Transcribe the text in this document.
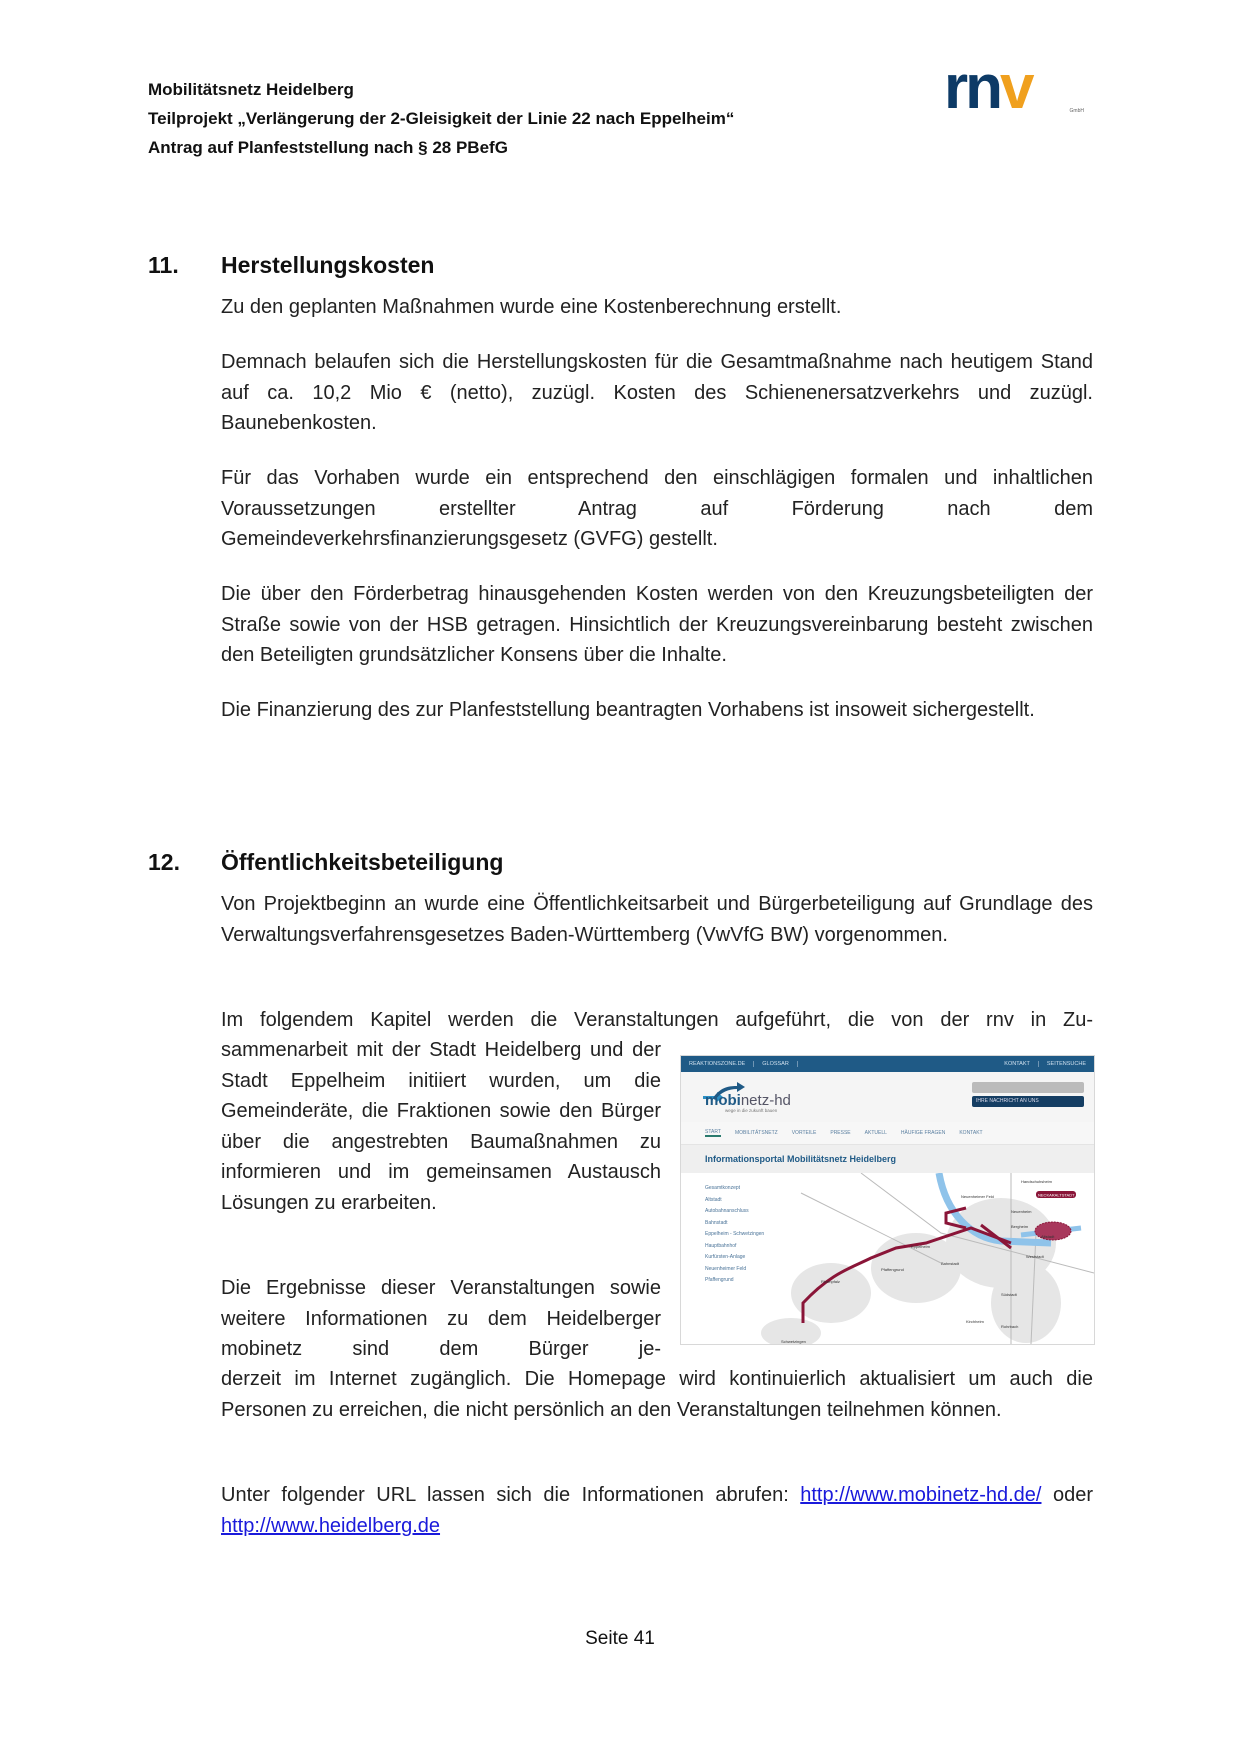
Mobilitätsnetz Heidelberg
Teilprojekt „Verlängerung der 2-Gleisigkeit der Linie 22 nach Eppelheim“
Antrag auf Planfeststellung nach § 28 PBefG
rnv	GmbH
11. Herstellungskosten
Zu den geplanten Maßnahmen wurde eine Kostenberechnung erstellt.
Demnach belaufen sich die Herstellungskosten für die Gesamtmaßnahme nach heutigem Stand auf ca. 10,2 Mio € (netto), zuzügl. Kosten des Schienenersatzverkehrs und zuzügl. Baunebenkosten.
Für das Vorhaben wurde ein entsprechend den einschlägigen formalen und inhaltlichen Voraussetzungen erstellter Antrag auf Förderung nach dem Gemeindeverkehrsfinanzierungsgesetz (GVFG) gestellt.
Die über den Förderbetrag hinausgehenden Kosten werden von den Kreuzungsbeteiligten der Straße sowie von der HSB getragen. Hinsichtlich der Kreuzungsvereinbarung besteht zwischen den Beteiligten grundsätzlicher Konsens über die Inhalte.
Die Finanzierung des zur Planfeststellung beantragten Vorhabens ist insoweit sichergestellt.
12. Öffentlichkeitsbeteiligung
Von Projektbeginn an wurde eine Öffentlichkeitsarbeit und Bürgerbeteiligung auf Grundlage des Verwaltungsverfahrensgesetzes Baden-Württemberg (VwVfG BW) vorgenommen.
Im folgendem Kapitel werden die Veranstaltungen aufgeführt, die von der rnv in Zu-
sammenarbeit mit der Stadt Heidelberg und der Stadt Eppelheim initiiert wurden, um die Gemeinderäte, die Fraktionen sowie den Bürger über die angestrebten Baumaßnahmen zu informieren und im gemeinsamen Austausch Lösungen zu erarbeiten.
Die Ergebnisse dieser Veranstaltungen sowie weitere Informationen zu dem Heidelberger mobinetz sind dem Bürger je-
derzeit im Internet zugänglich. Die Homepage wird kontinuierlich aktualisiert um auch die Personen zu erreichen, die nicht persönlich an den Veranstaltungen teilnehmen können.
Unter folgender URL lassen sich die Informationen abrufen: http://www.mobinetz-hd.de/ oder http://www.heidelberg.de
REAKTIONSZONE.DE	GLOSSAR	KONTAKT	SEITENSUCHE
mobinetz-hd
wege in die zukunft bauen
IHRE NACHRICHT AN UNS
START	MOBILITÄTSNETZ	VORTEILE	PRESSE	AKTUELL	HÄUFIGE FRAGEN	KONTAKT
Informationsportal Mobilitätsnetz Heidelberg
NECKARALTSTADT
Handschuhsheim
Neuenheimer Feld
Neuenheim
Bergheim
Altstadt
Weststadt
Bahnstadt
Pfaffengrund
Eppelheim
Südstadt
Rohrbach
Kirchheim
Schwetzingen
Rheinpfalz
Gesamtkonzept
Altstadt
Autobahnanschluss
Bahnstadt
Eppelheim - Schwetzingen
Hauptbahnhof
Kurfürsten-Anlage
Neuenheimer Feld
Pfaffengrund
Seite 41
